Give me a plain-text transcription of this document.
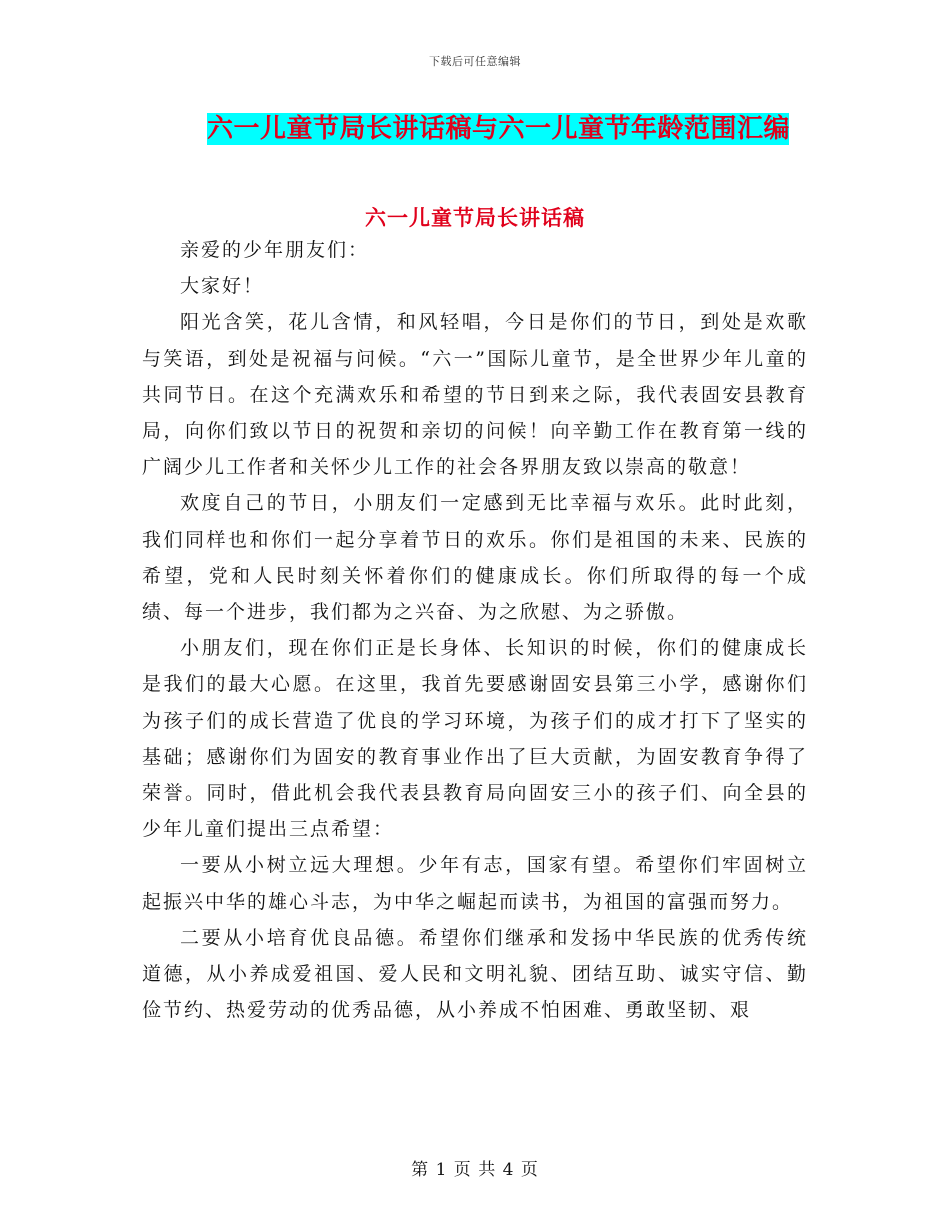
下载后可任意编辑
六一儿童节局长讲话稿与六一儿童节年龄范围汇编
六一儿童节局长讲话稿

亲爱的少年朋友们：

大家好！

阳光含笑，花儿含情，和风轻唱，今日是你们的节日，到处是欢歌与笑语，到处是祝福与问候。“六一”国际儿童节，是全世界少年儿童的共同节日。在这个充满欢乐和希望的节日到来之际，我代表固安县教育局，向你们致以节日的祝贺和亲切的问候！向辛勤工作在教育第一线的广阔少儿工作者和关怀少儿工作的社会各界朋友致以崇高的敬意！

欢度自己的节日，小朋友们一定感到无比幸福与欢乐。此时此刻，我们同样也和你们一起分享着节日的欢乐。你们是祖国的未来、民族的希望，党和人民时刻关怀着你们的健康成长。你们所取得的每一个成绩、每一个进步，我们都为之兴奋、为之欣慰、为之骄傲。

小朋友们，现在你们正是长身体、长知识的时候，你们的健康成长是我们的最大心愿。在这里，我首先要感谢固安县第三小学，感谢你们为孩子们的成长营造了优良的学习环境，为孩子们的成才打下了坚实的基础；感谢你们为固安的教育事业作出了巨大贡献，为固安教育争得了荣誉。同时，借此机会我代表县教育局向固安三小的孩子们、向全县的少年儿童们提出三点希望：

一要从小树立远大理想。少年有志，国家有望。希望你们牢固树立起振兴中华的雄心斗志，为中华之崛起而读书，为祖国的富强而努力。

二要从小培育优良品德。希望你们继承和发扬中华民族的优秀传统道德，从小养成爱祖国、爱人民和文明礼貌、团结互助、诚实守信、勤俭节约、热爱劳动的优秀品德，从小养成不怕困难、勇敢坚韧、艰

第 1 页 共 4 页
